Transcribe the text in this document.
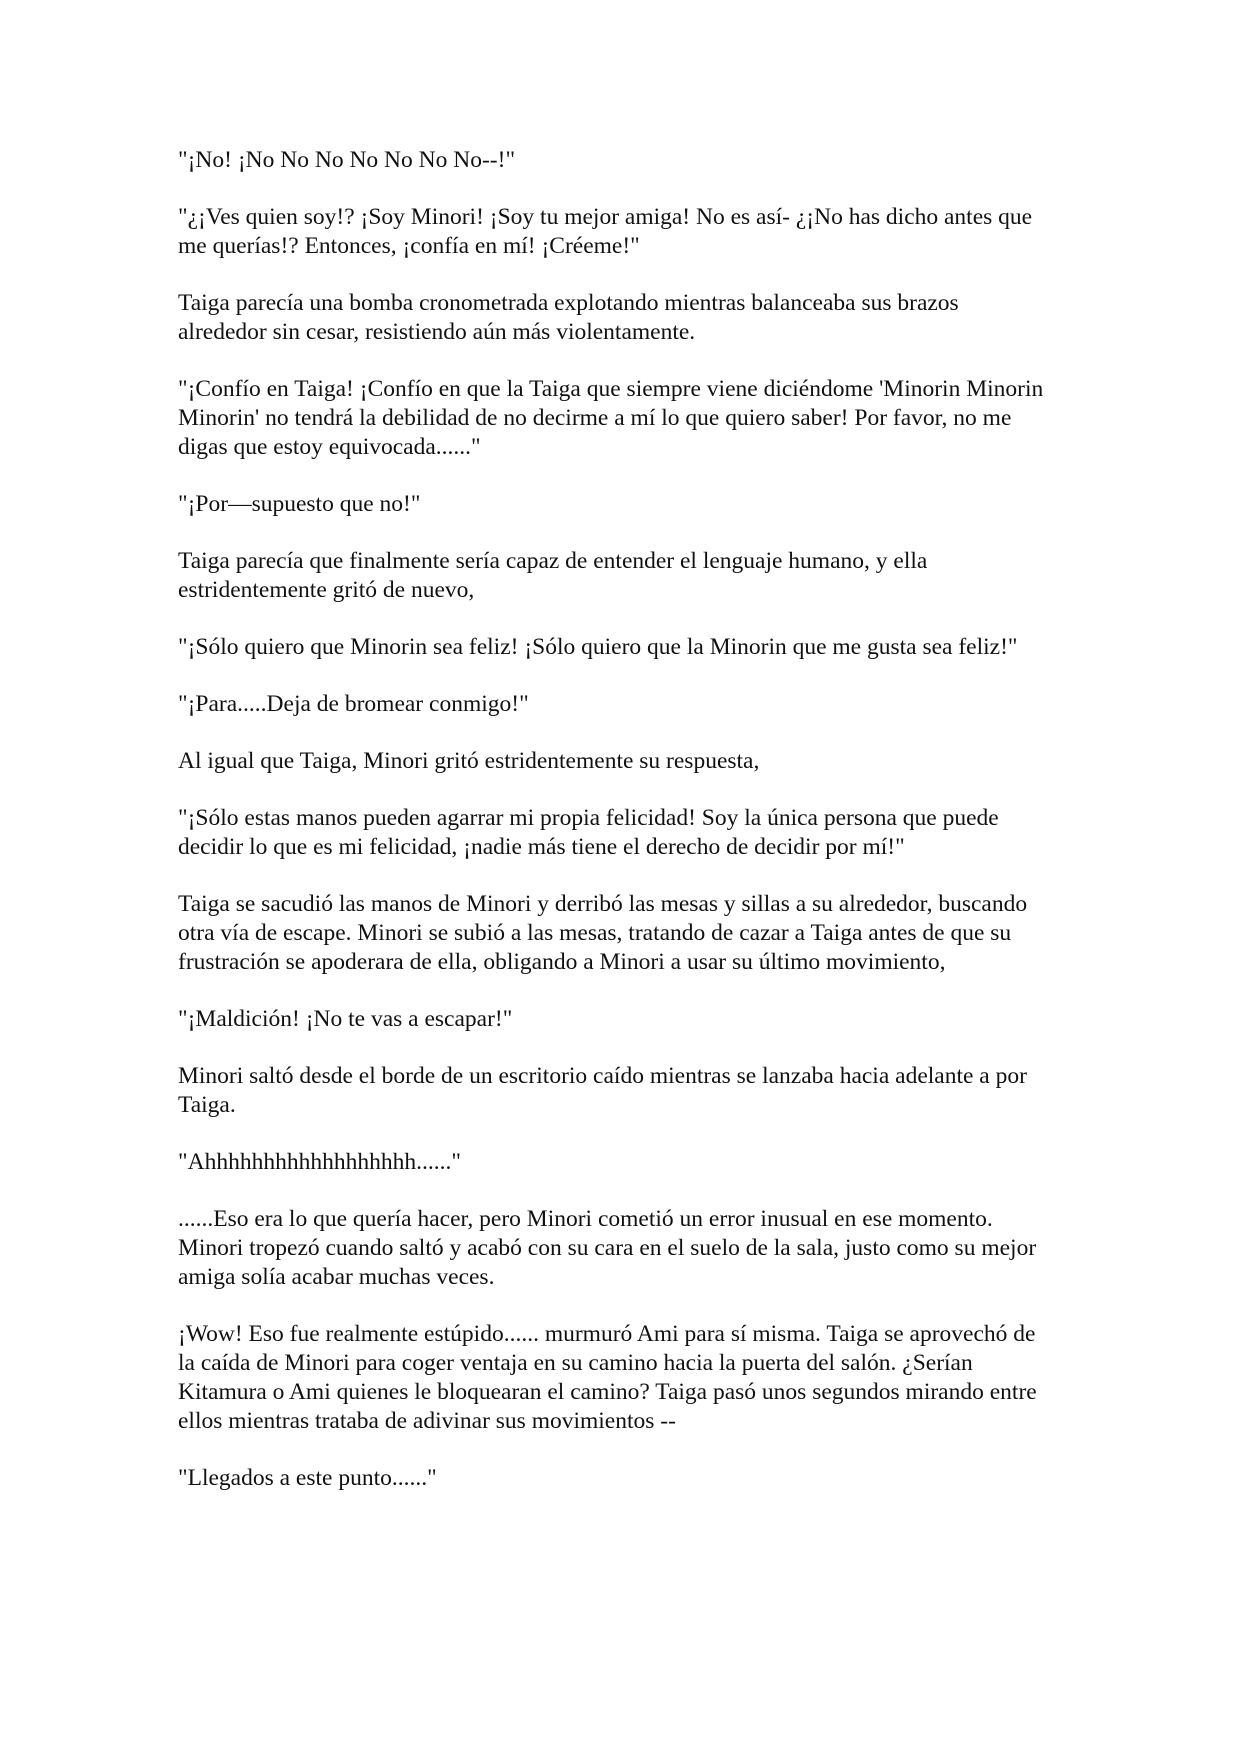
"¡No! ¡No No No No No No No--!"

"¿¡Ves quien soy!? ¡Soy Minori! ¡Soy tu mejor amiga! No es así- ¿¡No has dicho antes que me querías!? Entonces, ¡confía en mí! ¡Créeme!"

Taiga parecía una bomba cronometrada explotando mientras balanceaba sus brazos alrededor sin cesar, resistiendo aún más violentamente.

"¡Confío en Taiga! ¡Confío en que la Taiga que siempre viene diciéndome 'Minorin Minorin Minorin' no tendrá la debilidad de no decirme a mí lo que quiero saber! Por favor, no me digas que estoy equivocada......"

"¡Por—supuesto que no!"

Taiga parecía que finalmente sería capaz de entender el lenguaje humano, y ella estridentemente gritó de nuevo,

"¡Sólo quiero que Minorin sea feliz! ¡Sólo quiero que la Minorin que me gusta sea feliz!"

"¡Para.....Deja de bromear conmigo!"

Al igual que Taiga, Minori gritó estridentemente su respuesta,

"¡Sólo estas manos pueden agarrar mi propia felicidad! Soy la única persona que puede decidir lo que es mi felicidad, ¡nadie más tiene el derecho de decidir por mí!"

Taiga se sacudió las manos de Minori y derribó las mesas y sillas a su alrededor, buscando otra vía de escape. Minori se subió a las mesas, tratando de cazar a Taiga antes de que su frustración se apoderara de ella, obligando a Minori a usar su último movimiento,

"¡Maldición! ¡No te vas a escapar!"

Minori saltó desde el borde de un escritorio caído mientras se lanzaba hacia adelante a por Taiga.

"Ahhhhhhhhhhhhhhhhhh......"

......Eso era lo que quería hacer, pero Minori cometió un error inusual en ese momento. Minori tropezó cuando saltó y acabó con su cara en el suelo de la sala, justo como su mejor amiga solía acabar muchas veces.

¡Wow! Eso fue realmente estúpido...... murmuró Ami para sí misma. Taiga se aprovechó de la caída de Minori para coger ventaja en su camino hacia la puerta del salón. ¿Serían Kitamura o Ami quienes le bloquearan el camino? Taiga pasó unos segundos mirando entre ellos mientras trataba de adivinar sus movimientos --

"Llegados a este punto......"
